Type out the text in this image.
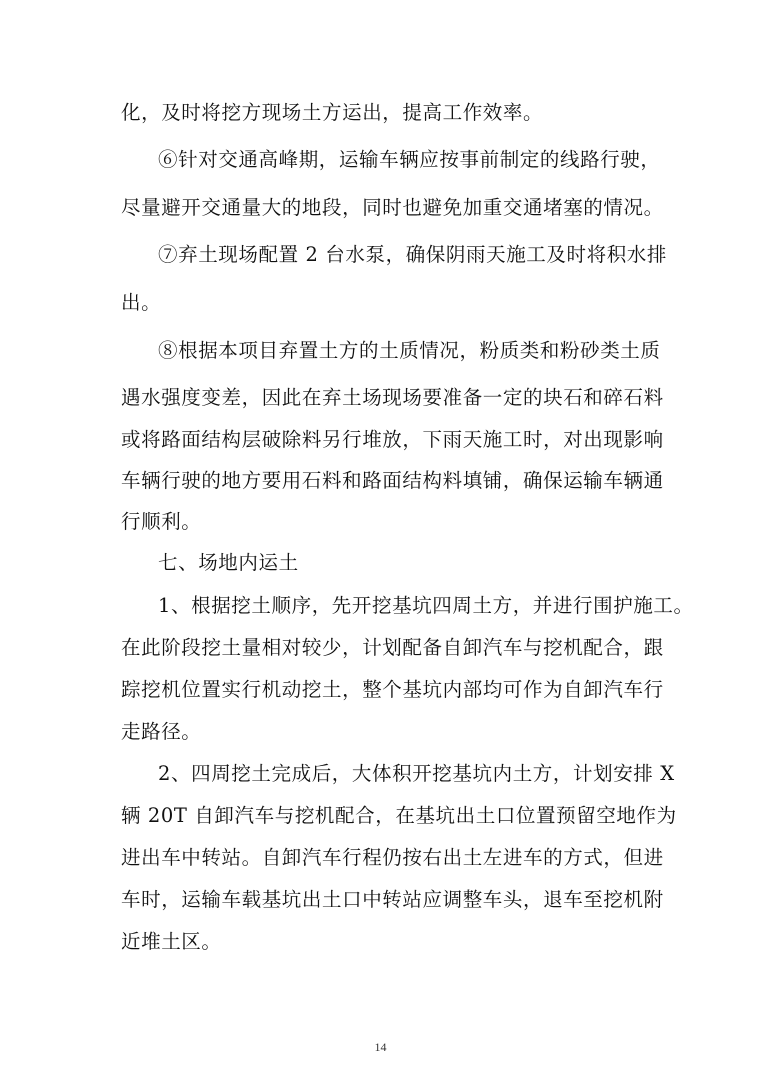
化，及时将挖方现场土方运出，提高工作效率。
⑥针对交通高峰期，运输车辆应按事前制定的线路行驶，
尽量避开交通量大的地段，同时也避免加重交通堵塞的情况。
⑦弃土现场配置 2 台水泵，确保阴雨天施工及时将积水排
出。
⑧根据本项目弃置土方的土质情况，粉质类和粉砂类土质
遇水强度变差，因此在弃土场现场要准备一定的块石和碎石料
或将路面结构层破除料另行堆放，下雨天施工时，对出现影响
车辆行驶的地方要用石料和路面结构料填铺，确保运输车辆通
行顺利。
七、场地内运土
1、根据挖土顺序，先开挖基坑四周土方，并进行围护施工。
在此阶段挖土量相对较少，计划配备自卸汽车与挖机配合，跟
踪挖机位置实行机动挖土，整个基坑内部均可作为自卸汽车行
走路径。
2、四周挖土完成后，大体积开挖基坑内土方，计划安排 X
辆 20T 自卸汽车与挖机配合，在基坑出土口位置预留空地作为
进出车中转站。自卸汽车行程仍按右出土左进车的方式，但进
车时，运输车载基坑出土口中转站应调整车头，退车至挖机附
近堆土区。
14
